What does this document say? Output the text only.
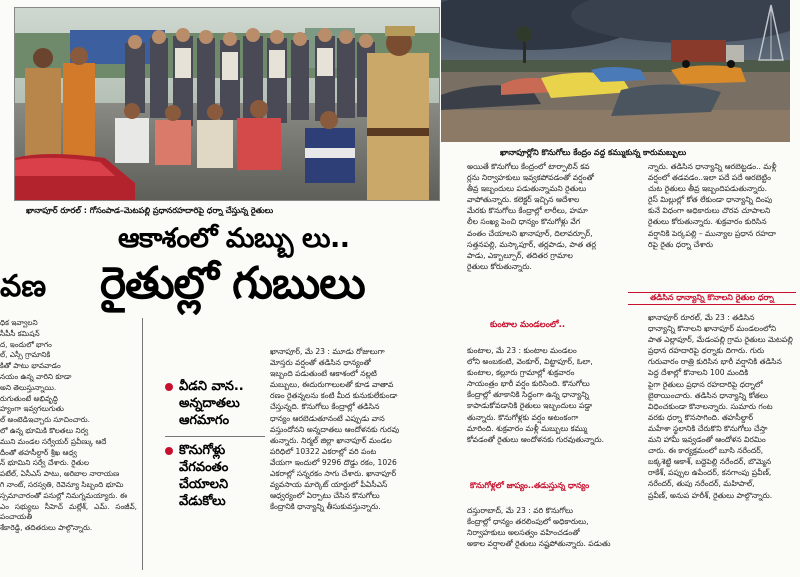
ఖానాపూర్ రూరల్ : గోసంపాడ–మెటపల్లి ప్రధానరహదారిపై ధర్నా చేస్తున్న రైతులు
ఖానాపూర్లోని కొనుగోలు కేంద్రం వద్ద కమ్ముకున్న కారుమబ్బులు
ఆకాశంలో మబ్బు లు..
రైతుల్లో గుబులు
వణ

ధిక ఇవ్వాలని

సీపీసీ కమిషన్

ద, ఇందులో భాగం

ల్, ఎస్సీ గ్రామానికి

కితో పాటు భావవాడం

నయం ఉన్న వారిని కూడా

అని తెలుస్తున్నాయి.

రుగుతుంటే అభివృద్ధి

హ్యంగా ఇవ్వగలుగుతు

ల్ అంటెడిఇచ్చారు సూచించారు.

లో ఉన్న భూమికి కొలతలు నిర్వ

ముని మండల సర్వేయర్ ప్రవీణ్కు ఆదే

దీంతో తహసీల్దార్ శ్రీఖ ఆధ్వ

న్ భూమిని సర్వే చేశారు. రైతుల

పటేల్, ఏసీఎస్ పాటు, అరిబాల నారాయణ

గి నాంట్, సరస్వతి, రెవెన్యూ సిబ్బంది భూమి

స్సమాచారంతో పనుల్లో నిమగ్నమయ్యారు. ఈ

ఎం సభ్యులు సీహెచ్ మల్లేశ్, ఎమ్. సంజీవ్, పంచాయతీ

శేకారెడ్డి, తదితరులు పాల్గొన్నారు.

వీడని వాన..
అన్నదాతలు
ఆగమాగం
కొనుగోళ్లు
వేగవంతం
చేయాలని
వేడుకోలు

ఖానాపూర్, మే 23 : మూడు రోజులుగా

మోస్తరు వర్షంతో తడిసిన ధాన్యంతో

ఇబ్బంది పడుతుంటే ఆకాశంలో నల్లటి

మబ్బులు, ఈదురుగాలులతో కూడ వాతావ

రణం రైతన్నలను కంటి మీద కునుకులేకుండా

చేస్తున్నది. కొనుగోలు కేంద్రాల్లో తడిసిన

ధాన్యం ఆరబెడుతూనంటే ఎప్పుడు వాన

వస్తుందోనని అన్నదాతలు ఆందోళనకు గురవు

తున్నారు. నిర్మల్ జిల్లా ఖానాపూర్ మండల

పరిధిలో 10322 ఎకరాల్లో వరి పంట

వేయగా ఇందులో 9296 దొడ్డు రకం, 1026

ఎకరాల్లో సన్నరకం సాగు చేశారు. ఖానాపూర్

వ్యవసాయ మార్కెట్ యార్డులో పీఏసీఎస్

ఆధ్వర్యంలో ఏర్పాటు చేసిన కొనుగోలు

కేంద్రానికి ధాన్యాన్ని తీసుకువస్తున్నారు.

అయితే కొనుగోలు కేంద్రంలో టార్పాలిన్ కవ

ర్లను నిర్వాహకులు ఇవ్వకపోవడంతో వర్షంతో

తీవ్ర ఇబ్బందులు పడుతున్నామని రైతులు

వాపోతున్నారు. కలెక్టర్ ఇచ్చిన ఆదేశాల

మేరకు కొనుగోలు కేంద్రాల్లో లారీలు, హమా

లీల సంఖ్య పెంచి ధాన్యం కొనుగోళ్లు వేగ

వంతం చేయాలని ఖానాపూర్, దిలావర్పూర్,

సత్తనపల్లి, మస్కాపూర్, తర్లపాడు, పాత తర్ల

పాడు, ఎక్బాల్పూర్, తదితర గ్రామాల

రైతులు కోరుతున్నారు.

కుంటాల మండలంలో..

కుంటాల, మే 23 : కుంటాల మండలం

లోని అంబకంటి, వెంకూర్, విట్టాపూర్, ఓలా,

కుంటాల, కల్లూరు గ్రామాల్లో శుక్రవారం

సాయంత్రం భారీ వర్షం కురిసింది. కొనుగోలు

కేంద్రాల్లో తూకానికి సిద్ధంగా ఉన్న ధాన్యాన్ని

కాపాడుకోవడానికి రైతులు ఇబ్బందులు పడ్డా

తున్నారు. కొనుగోళ్లకు వర్షం అటంకంగా

మారింది. శుక్రవారం మళ్లీ మబ్బులు కమ్ము

కోవడంతో రైతులు ఆందోళనకు గురవుతున్నారు.

కొనుగోళ్లలో జాప్యం..తడుస్తున్న ధాన్యం

దస్తురాబాద్, మే 23 : వరి కొనుగోలు

కేంద్రాల్లో ధాన్యం తరలింపులో అధికారులు,

నిర్వాహకులు అలసత్వం వహించడంతో

అకాల వర్షాలతో రైతులు నష్టపోతున్నారు. పడుతు

న్నారు. తడిసిన ధాన్యాన్ని ఆరబెట్టడం.. మళ్లీ

వర్షంలో తడవడం..ఇలా పదే పదే ఆరబెట్టిం

చుట రైతులు తీవ్ర ఇబ్బందిపడుతున్నారు.

రైస్ మిల్లుల్లో కోత లేకుండా ధాన్యాన్ని దింపు

కునే విధంగా అధికారులు చొరవ చూపాలని

రైతులు కోరుతున్నారు. శుక్రవారం కురిసిన

వర్షానికి పెర్కపల్లి – మున్యాల ప్రధాన రహదా

రిపై రైతు ధర్నా చేశారు

తడిసిన ధాన్యాన్ని కొనాలని రైతుల ధర్నా

ఖానాపూర్ రూరల్, మే 23 : తడిసిన

ధాన్యాన్ని కొనాలని ఖానాపూర్ మండలంలోని

పాత ఎల్లాపూర్, మేడంపల్లి గ్రామ రైతులు మెటపల్లి

ప్రధాన రహదారిపై ధర్నాకు దిగారు. గురు

గురువారం రాత్రి కురిసిన భారీ వర్షానికి తడిసిన

పెద్ద దేశాల్లో కొనాలని 100 మందికి

పైగా రైతులు ప్రధాన రహదారిపై ధర్నాలో

బైఠాయించారు. తడిసిన ధాన్యాన్ని కోతలు

విధించకుండా కొనాలన్నారు. సుమారు గంట

వరకు ధర్నా కొనసాగింది. తహసీల్దార్

మహేశా స్థలానికి చేరుకొని కొనుగోలు చేస్తా

మని హామీ ఇవ్వడంతో ఆందోళన విరమిం

చారు. ఈ కార్యక్రమంలో బూసి నరేందర్,

బక్కశెట్టి ఆకాశ్, బద్దెపెల్లి నరేందర్, బొమ్మెన

రాకేశ్, పప్పుల ఉపేందర్, కనగాంపు ప్రవీణ్,

నరేందర్, తుపు నరేందర్, మహిపాల్,

ప్రవీణ్, అనుప హరీశ్, రైతులు పాల్గొన్నారు.
